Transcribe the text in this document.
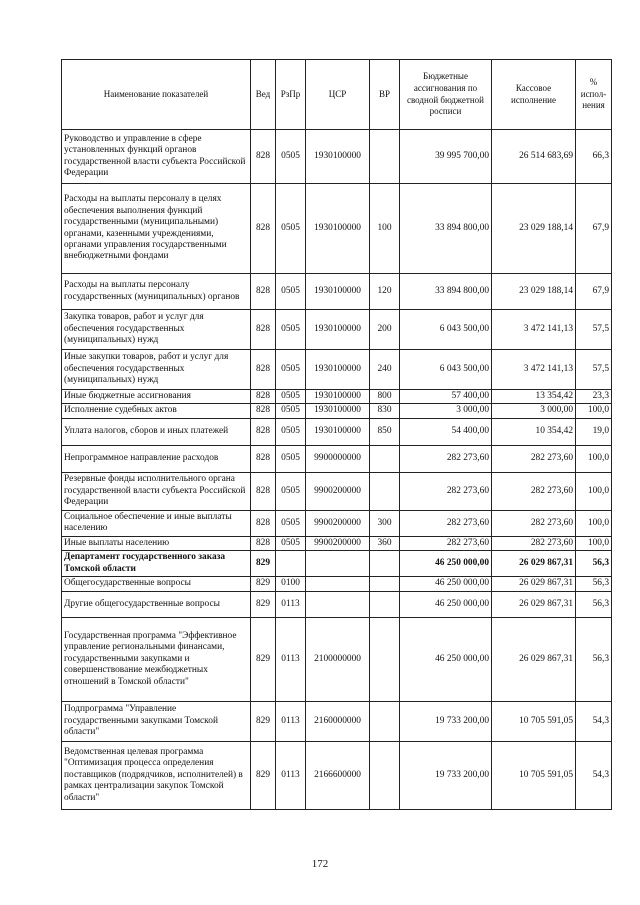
Наименование показателей	Вед	РзПр	ЦСР	ВР	Бюджетные ассигнования по сводной бюджетной росписи	Кассовое исполнение	% испол-нения
Руководство и управление в сфере установленных функций органов государственной власти субъекта Российской Федерации	828	0505	1930100000		39 995 700,00	26 514 683,69	66,3
Расходы на выплаты персоналу в целях обеспечения выполнения функций государственными (муниципальными) органами, казенными учреждениями, органами управления государственными внебюджетными фондами	828	0505	1930100000	100	33 894 800,00	23 029 188,14	67,9
Расходы на выплаты персоналу государственных (муниципальных) органов	828	0505	1930100000	120	33 894 800,00	23 029 188,14	67,9
Закупка товаров, работ и услуг для обеспечения государственных (муниципальных) нужд	828	0505	1930100000	200	6 043 500,00	3 472 141,13	57,5
Иные закупки товаров, работ и услуг для обеспечения государственных (муниципальных) нужд	828	0505	1930100000	240	6 043 500,00	3 472 141,13	57,5
Иные бюджетные ассигнования	828	0505	1930100000	800	57 400,00	13 354,42	23,3
Исполнение судебных актов	828	0505	1930100000	830	3 000,00	3 000,00	100,0
Уплата налогов, сборов и иных платежей	828	0505	1930100000	850	54 400,00	10 354,42	19,0
Непрограммное направление расходов	828	0505	9900000000		282 273,60	282 273,60	100,0
Резервные фонды исполнительного органа государственной власти субъекта Российской Федерации	828	0505	9900200000		282 273,60	282 273,60	100,0
Социальное обеспечение и иные выплаты населению	828	0505	9900200000	300	282 273,60	282 273,60	100,0
Иные выплаты населению	828	0505	9900200000	360	282 273,60	282 273,60	100,0
Департамент государственного заказа Томской области	829				46 250 000,00	26 029 867,31	56,3
Общегосударственные вопросы	829	0100			46 250 000,00	26 029 867,31	56,3
Другие общегосударственные вопросы	829	0113			46 250 000,00	26 029 867,31	56,3
Государственная программа "Эффективное управление региональными финансами, государственными закупками и совершенствование межбюджетных отношений в Томской области"	829	0113	2100000000		46 250 000,00	26 029 867,31	56,3
Подпрограмма "Управление государственными закупками Томской области"	829	0113	2160000000		19 733 200,00	10 705 591,05	54,3
Ведомственная целевая программа "Оптимизация процесса определения поставщиков (подрядчиков, исполнителей) в рамках централизации закупок Томской области"	829	0113	2166600000		19 733 200,00	10 705 591,05	54,3
172
